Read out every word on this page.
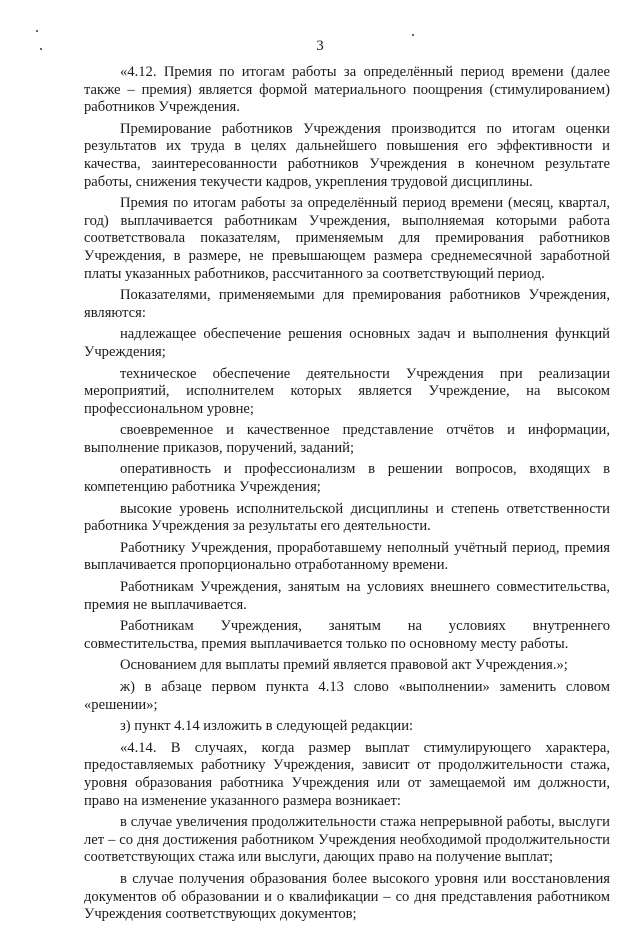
3

«4.12. Премия по итогам работы за определённый период времени (далее также – премия) является формой материального поощрения (стимулированием) работников Учреждения.

Премирование работников Учреждения производится по итогам оценки результатов их труда в целях дальнейшего повышения его эффективности и качества, заинтересованности работников Учреждения в конечном результате работы, снижения текучести кадров, укрепления трудовой дисциплины.

Премия по итогам работы за определённый период времени (месяц, квартал, год) выплачивается работникам Учреждения, выполняемая которыми работа соответствовала показателям, применяемым для премирования работников Учреждения, в размере, не превышающем размера среднемесячной заработной платы указанных работников, рассчитанного за соответствующий период.

Показателями, применяемыми для премирования работников Учреждения, являются:

надлежащее обеспечение решения основных задач и выполнения функций Учреждения;

техническое обеспечение деятельности Учреждения при реализации мероприятий, исполнителем которых является Учреждение, на высоком профессиональном уровне;

своевременное и качественное представление отчётов и информации, выполнение приказов, поручений, заданий;

оперативность и профессионализм в решении вопросов, входящих в компетенцию работника Учреждения;

высокие уровень исполнительской дисциплины и степень ответственности работника Учреждения за результаты его деятельности.

Работнику Учреждения, проработавшему неполный учётный период, премия выплачивается пропорционально отработанному времени.

Работникам Учреждения, занятым на условиях внешнего совместительства, премия не выплачивается.

Работникам Учреждения, занятым на условиях внутреннего совместительства, премия выплачивается только по основному месту работы.

Основанием для выплаты премий является правовой акт Учреждения.»;

ж) в абзаце первом пункта 4.13 слово «выполнении» заменить словом «решении»;

з) пункт 4.14 изложить в следующей редакции:

«4.14. В случаях, когда размер выплат стимулирующего характера, предоставляемых работнику Учреждения, зависит от продолжительности стажа, уровня образования работника Учреждения или от замещаемой им должности, право на изменение указанного размера возникает:

в случае увеличения продолжительности стажа непрерывной работы, выслуги лет – со дня достижения работником Учреждения необходимой продолжительности соответствующих стажа или выслуги, дающих право на получение выплат;

в случае получения образования более высокого уровня или восстановления документов об образовании и о квалификации – со дня представления работником Учреждения соответствующих документов;
